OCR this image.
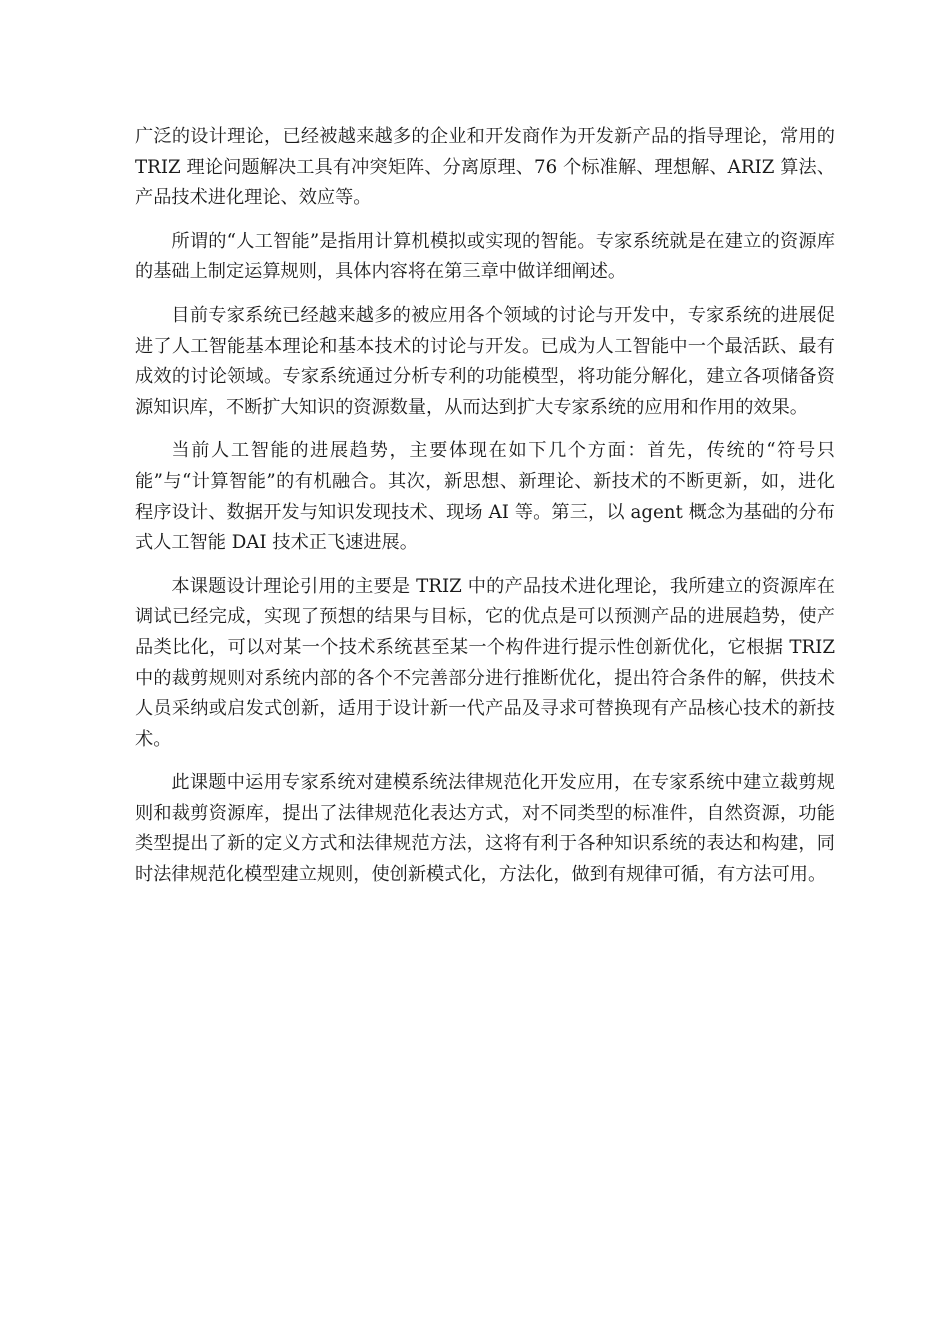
广泛的设计理论，已经被越来越多的企业和开发商作为开发新产品的指导理论，常用的 TRIZ 理论问题解决工具有冲突矩阵、分离原理、76 个标准解、理想解、ARIZ 算法、产品技术进化理论、效应等。

所谓的“人工智能”是指用计算机模拟或实现的智能。专家系统就是在建立的资源库的基础上制定运算规则，具体内容将在第三章中做详细阐述。

目前专家系统已经越来越多的被应用各个领域的讨论与开发中，专家系统的进展促进了人工智能基本理论和基本技术的讨论与开发。已成为人工智能中一个最活跃、最有成效的讨论领域。专家系统通过分析专利的功能模型，将功能分解化，建立各项储备资源知识库，不断扩大知识的资源数量，从而达到扩大专家系统的应用和作用的效果。

当前人工智能的进展趋势，主要体现在如下几个方面：首先，传统的“符号只能”与“计算智能”的有机融合。其次，新思想、新理论、新技术的不断更新，如，进化程序设计、数据开发与知识发现技术、现场 AI 等。第三，以 agent 概念为基础的分布式人工智能 DAI 技术正飞速进展。

本课题设计理论引用的主要是 TRIZ 中的产品技术进化理论，我所建立的资源库在调试已经完成，实现了预想的结果与目标，它的优点是可以预测产品的进展趋势，使产品类比化，可以对某一个技术系统甚至某一个构件进行提示性创新优化，它根据 TRIZ 中的裁剪规则对系统内部的各个不完善部分进行推断优化，提出符合条件的解，供技术人员采纳或启发式创新，适用于设计新一代产品及寻求可替换现有产品核心技术的新技术。

此课题中运用专家系统对建模系统法律规范化开发应用，在专家系统中建立裁剪规则和裁剪资源库，提出了法律规范化表达方式，对不同类型的标准件，自然资源，功能类型提出了新的定义方式和法律规范方法，这将有利于各种知识系统的表达和构建，同时法律规范化模型建立规则，使创新模式化，方法化，做到有规律可循，有方法可用。
